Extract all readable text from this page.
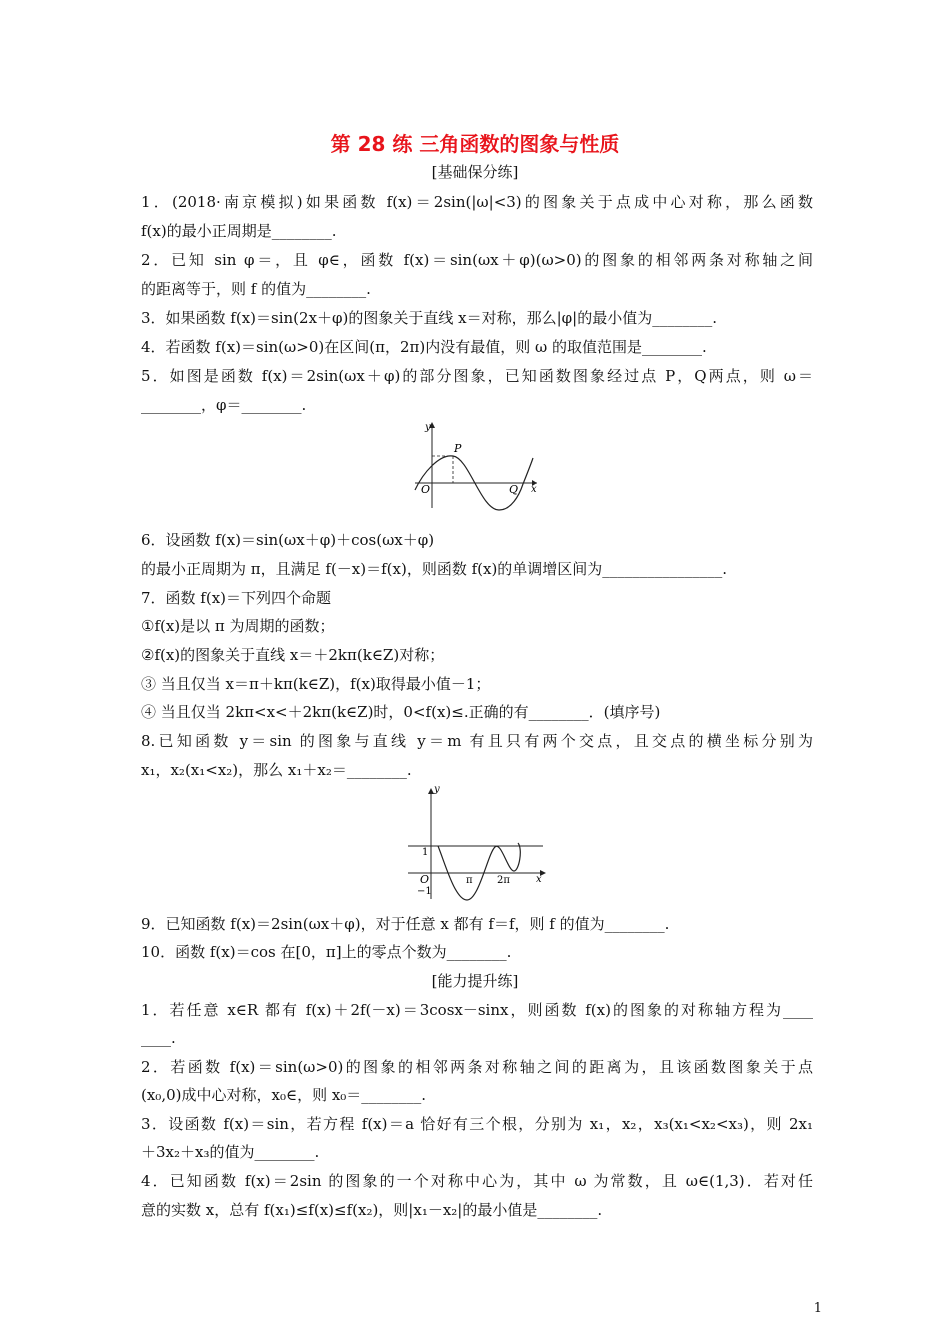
第 28 练 三角函数的图象与性质
[基础保分练]
1．(2018·南京模拟)如果函数 f(x)＝2sin(|ω|<3)的图象关于点成中心对称，那么函数
f(x)的最小正周期是________.
2．已知 sin φ＝，且 φ∈，函数 f(x)＝sin(ωx＋φ)(ω>0)的图象的相邻两条对称轴之间
的距离等于，则 f 的值为________.
3．如果函数 f(x)＝sin(2x＋φ)的图象关于直线 x＝对称，那么|φ|的最小值为________.
4．若函数 f(x)＝sin(ω>0)在区间(π，2π)内没有最值，则 ω 的取值范围是________.
5．如图是函数 f(x)＝2sin(ωx＋φ)的部分图象，已知函数图象经过点 P，Q两点，则 ω＝
________，φ＝________.
y
x
O
P
Q
6．设函数 f(x)＝sin(ωx＋φ)＋cos(ωx＋φ)
的最小正周期为 π，且满足 f(－x)＝f(x)，则函数 f(x)的单调增区间为________________.
7．函数 f(x)＝下列四个命题
①f(x)是以 π 为周期的函数；
②f(x)的图象关于直线 x＝＋2kπ(k∈Z)对称；
③ 当且仅当 x＝π＋kπ(k∈Z)，f(x)取得最小值－1；
④ 当且仅当 2kπ<x<＋2kπ(k∈Z)时，0<f(x)≤.正确的有________．(填序号)
8.已知函数 y＝sin 的图象与直线 y＝m 有且只有两个交点，且交点的横坐标分别为
x₁，x₂(x₁<x₂)，那么 x₁＋x₂＝________.
y
x
O
1
−1
π 2π
9．已知函数 f(x)＝2sin(ωx＋φ)，对于任意 x 都有 f＝f，则 f 的值为________.
10．函数 f(x)＝cos 在[0，π]上的零点个数为________.
[能力提升练]
1．若任意 x∈R 都有 f(x)＋2f(－x)＝3cosx－sinx，则函数 f(x)的图象的对称轴方程为____
____.
2．若函数 f(x)＝sin(ω>0)的图象的相邻两条对称轴之间的距离为，且该函数图象关于点
(x₀,0)成中心对称，x₀∈，则 x₀＝________.
3．设函数 f(x)＝sin，若方程 f(x)＝a 恰好有三个根，分别为 x₁，x₂，x₃(x₁<x₂<x₃)，则 2x₁
＋3x₂＋x₃的值为________.
4．已知函数 f(x)＝2sin 的图象的一个对称中心为，其中 ω 为常数，且 ω∈(1,3)．若对任
意的实数 x，总有 f(x₁)≤f(x)≤f(x₂)，则|x₁－x₂|的最小值是________.
1
